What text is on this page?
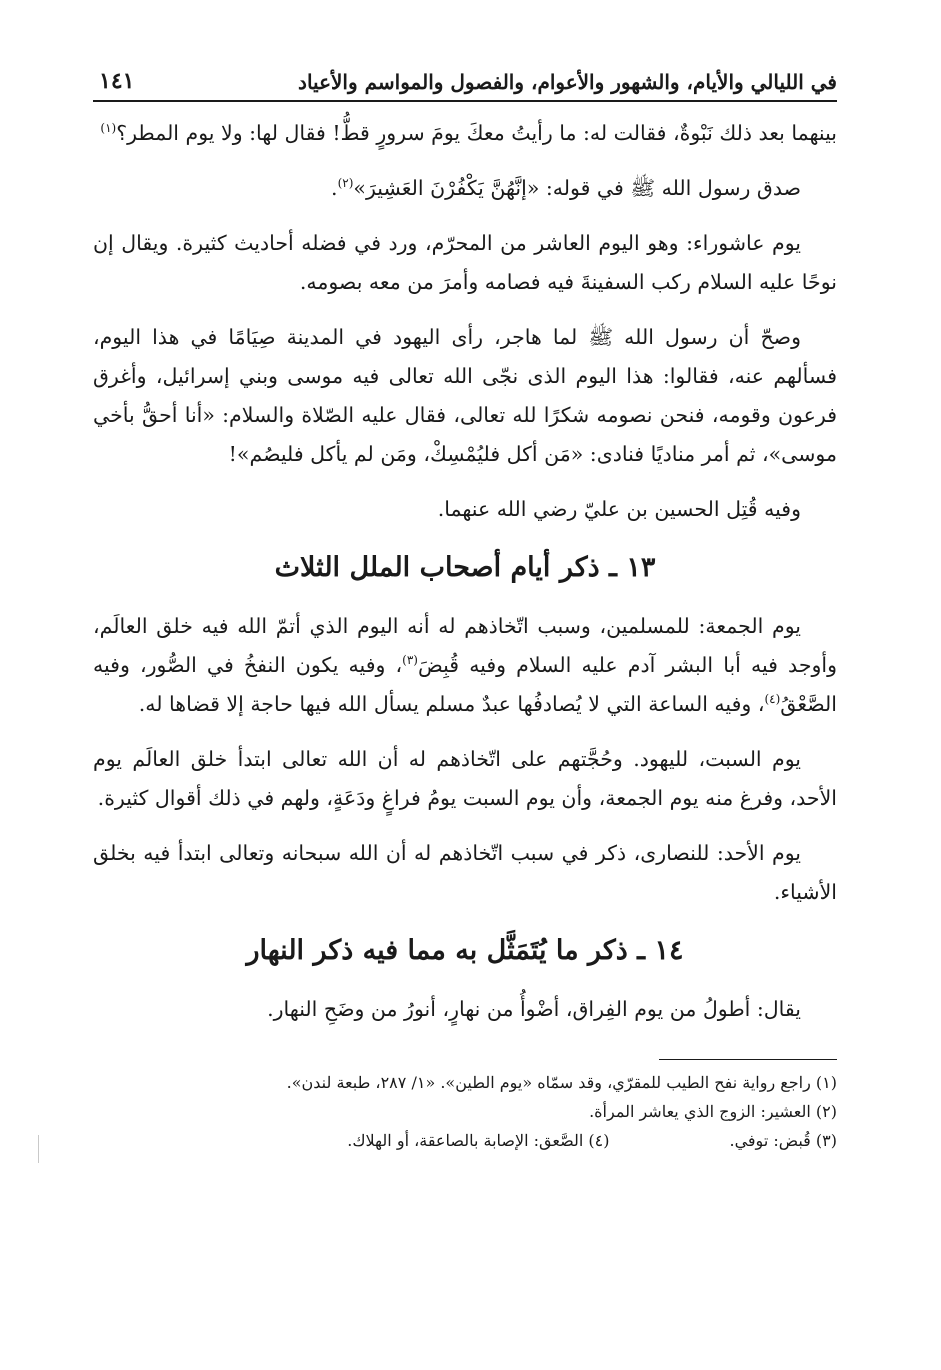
في الليالي والأيام، والشهور والأعوام، والفصول والمواسم والأعياد
١٤١

بينهما بعد ذلك نَبْوةٌ، فقالت له: ما رأيتُ معكَ يومَ سرورٍ قطُّ! فقال لها: ولا يوم المطر؟$^{(١)}$

صدق رسول الله ﷺ في قوله: «إنَّهُنَّ يَكْفُرْنَ العَشِيرَ»$^{(٢)}$.

يوم عاشوراء: وهو اليوم العاشر من المحرّم، ورد في فضله أحاديث كثيرة. ويقال إن نوحًا عليه السلام ركب السفينةَ فيه فصامه وأمرَ من معه بصومه.

وصحّ أن رسول الله ﷺ لما هاجر، رأى اليهود في المدينة صِيَامًا في هذا اليوم، فسألهم عنه، فقالوا: هذا اليوم الذى نجّى الله تعالى فيه موسى وبني إسرائيل، وأغرق فرعون وقومه، فنحن نصومه شكرًا لله تعالى، فقال عليه الصّلاة والسلام: «أنا أحقُّ بأخي موسى»، ثم أمر مناديًا فنادى: «مَن أكل فليُمْسِكْ، ومَن لم يأكل فليصُم»!

وفيه قُتِل الحسين بن عليّ رضي الله عنهما.

١٣ ـ ذكر أيام أصحاب الملل الثلاث

يوم الجمعة: للمسلمين، وسبب اتّخاذهم له أنه اليوم الذي أتمّ الله فيه خلق العالَم، وأوجد فيه أبا البشر آدم عليه السلام وفيه قُبِضَ$^{(٣)}$، وفيه يكون النفخُ في الصُّور، وفيه الصَّعْقُ$^{(٤)}$، وفيه الساعة التي لا يُصادفُها عبدٌ مسلم يسأل الله فيها حاجة إلا قضاها له.

يوم السبت، لليهود. وحُجَّتهم على اتّخاذهم له أن الله تعالى ابتدأ خلق العالَم يوم الأحد، وفرغ منه يوم الجمعة، وأن يوم السبت يومُ فراغٍ ودَعَةٍ، ولهم في ذلك أقوال كثيرة.

يوم الأحد: للنصارى، ذكر في سبب اتّخاذهم له أن الله سبحانه وتعالى ابتدأ فيه بخلق الأشياء.

١٤ ـ ذكر ما يُتَمَثَّل به مما فيه ذكر النهار

يقال: أطولُ من يوم الفِراق، أضْوأُ من نهارٍ، أنورُ من وضَحِ النهار.

(١) راجع رواية نفح الطيب للمقرّي، وقد سمّاه «يوم الطين». «١/ ٢٨٧، طبعة لندن».

(٢) العشير: الزوج الذي يعاشر المرأة.

(٣) قُبض: توفي.

(٤) الصَّعق: الإصابة بالصاعقة، أو الهلاك.
